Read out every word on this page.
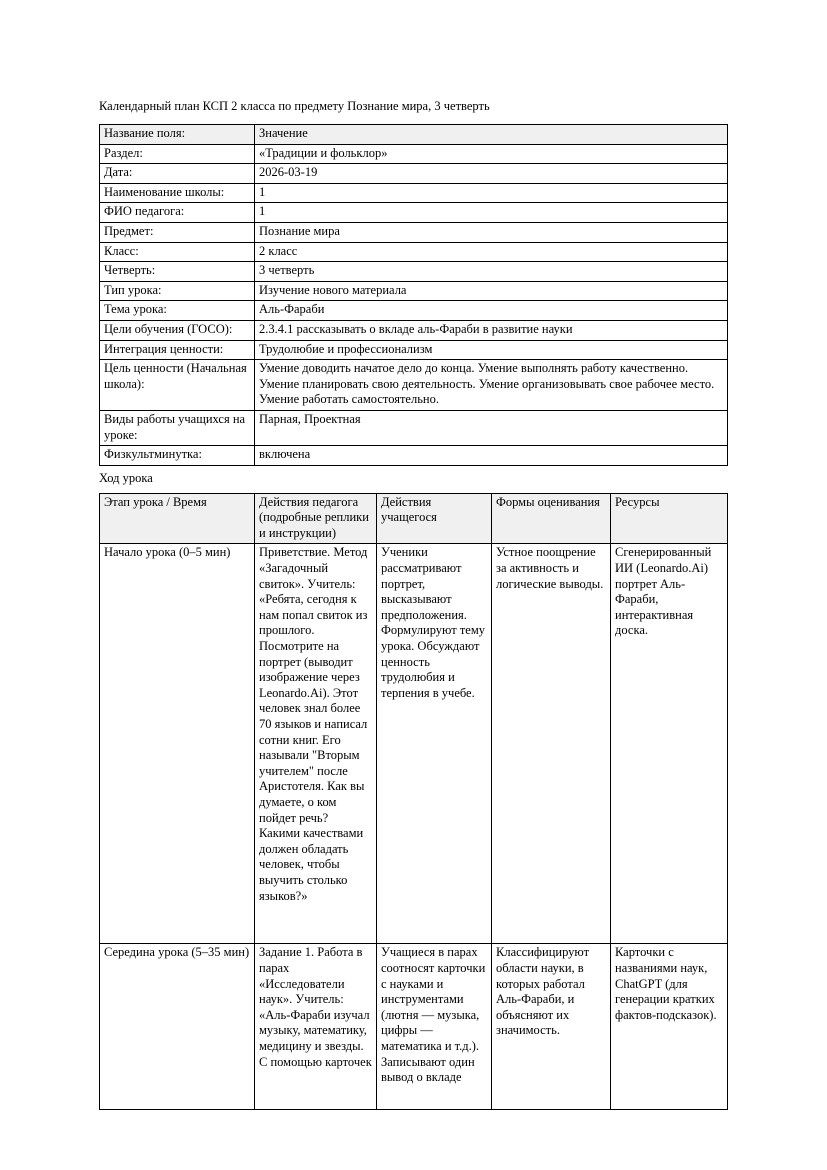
Календарный план КСП 2 класса по предмету Познание мира, 3 четверть
Название поля:	Значение
Раздел:	«Традиции и фольклор»
Дата:	2026-03-19
Наименование школы:	1
ФИО педагога:	1
Предмет:	Познание мира
Класс:	2 класс
Четверть:	3 четверть
Тип урока:	Изучение нового материала
Тема урока:	Аль-Фараби
Цели обучения (ГОСО):	2.3.4.1 рассказывать о вкладе аль-Фараби в развитие науки
Интеграция ценности:	Трудолюбие и профессионализм
Цель ценности (Начальная школа):	Умение доводить начатое дело до конца. Умение выполнять работу качественно. Умение планировать свою деятельность. Умение организовывать свое рабочее место. Умение работать самостоятельно.
Виды работы учащихся на уроке:	Парная, Проектная
Физкультминутка:	включена
Ход урока
Этап урока / Время	Действия педагога (подробные реплики и инструкции)	Действия учащегося	Формы оценивания	Ресурсы
Начало урока (0–5 мин)	Приветствие. Метод «Загадочный свиток». Учитель: «Ребята, сегодня к нам попал свиток из прошлого. Посмотрите на портрет (выводит изображение через Leonardo.Ai). Этот человек знал более 70 языков и написал сотни книг. Его называли "Вторым учителем" после Аристотеля. Как вы думаете, о ком пойдет речь? Какими качествами должен обладать человек, чтобы выучить столько языков?»	Ученики рассматривают портрет, высказывают предположения. Формулируют тему урока. Обсуждают ценность трудолюбия и терпения в учебе.	Устное поощрение за активность и логические выводы.	Сгенерированный ИИ (Leonardo.Ai) портрет Аль-Фараби, интерактивная доска.
Середина урока (5–35 мин)	Задание 1. Работа в парах «Исследователи наук». Учитель: «Аль-Фараби изучал музыку, математику, медицину и звезды. С помощью карточек	Учащиеся в парах соотносят карточки с науками и инструментами (лютня — музыка, цифры — математика и т.д.). Записывают один вывод о вкладе	Классифицируют области науки, в которых работал Аль-Фараби, и объясняют их значимость.	Карточки с названиями наук, ChatGPT (для генерации кратких фактов-подсказок).
